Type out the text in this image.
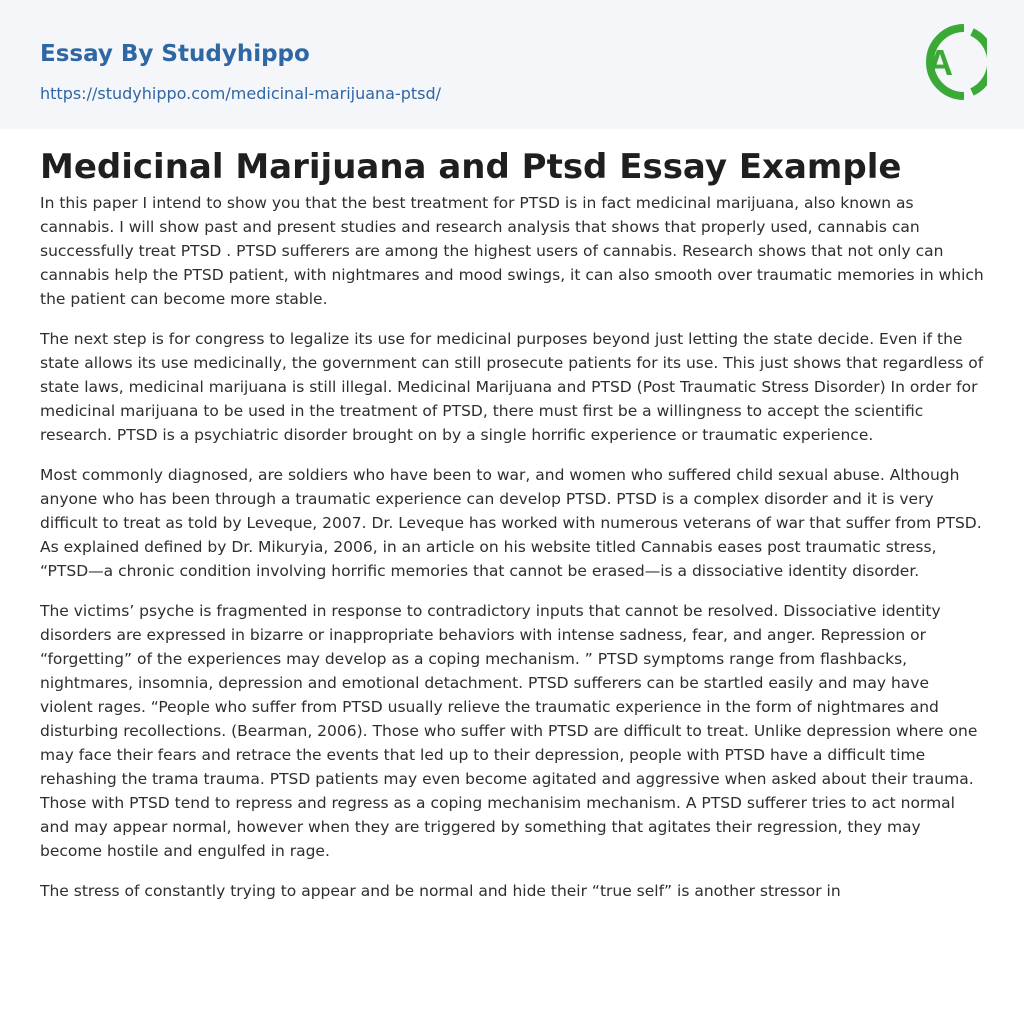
Essay By Studyhippo
https://studyhippo.com/medicinal-marijuana-ptsd/
A
Medicinal Marijuana and Ptsd Essay Example

In this paper I intend to show you that the best treatment for PTSD is in fact medicinal marijuana, also known as cannabis. I will show past and present studies and research analysis that shows that properly used, cannabis can successfully treat PTSD . PTSD sufferers are among the highest users of cannabis. Research shows that not only can cannabis help the PTSD patient, with nightmares and mood swings, it can also smooth over traumatic memories in which the patient can become more stable.

The next step is for congress to legalize its use for medicinal purposes beyond just letting the state decide. Even if the state allows its use medicinally, the government can still prosecute patients for its use. This just shows that regardless of state laws, medicinal marijuana is still illegal. Medicinal Marijuana and PTSD (Post Traumatic Stress Disorder) In order for medicinal marijuana to be used in the treatment of PTSD, there must first be a willingness to accept the scientific research. PTSD is a psychiatric disorder brought on by a single horrific experience or traumatic experience.

Most commonly diagnosed, are soldiers who have been to war, and women who suffered child sexual abuse. Although anyone who has been through a traumatic experience can develop PTSD. PTSD is a complex disorder and it is very difficult to treat as told by Leveque, 2007. Dr. Leveque has worked with numerous veterans of war that suffer from PTSD. As explained defined by Dr. Mikuryia, 2006, in an article on his website titled Cannabis eases post traumatic stress, “PTSD—a chronic condition involving horrific memories that cannot be erased—is a dissociative identity disorder.

The victims’ psyche is fragmented in response to contradictory inputs that cannot be resolved. Dissociative identity disorders are expressed in bizarre or inappropriate behaviors with intense sadness, fear, and anger. Repression or “forgetting” of the experiences may develop as a coping mechanism. ” PTSD symptoms range from flashbacks, nightmares, insomnia, depression and emotional detachment. PTSD sufferers can be startled easily and may have violent rages. “People who suffer from PTSD usually relieve the traumatic experience in the form of nightmares and disturbing recollections. (Bearman, 2006). Those who suffer with PTSD are difficult to treat. Unlike depression where one may face their fears and retrace the events that led up to their depression, people with PTSD have a difficult time rehashing the trama trauma. PTSD patients may even become agitated and aggressive when asked about their trauma. Those with PTSD tend to repress and regress as a coping mechanisim mechanism. A PTSD sufferer tries to act normal and may appear normal, however when they are triggered by something that agitates their regression, they may become hostile and engulfed in rage.

The stress of constantly trying to appear and be normal and hide their “true self” is another stressor in
